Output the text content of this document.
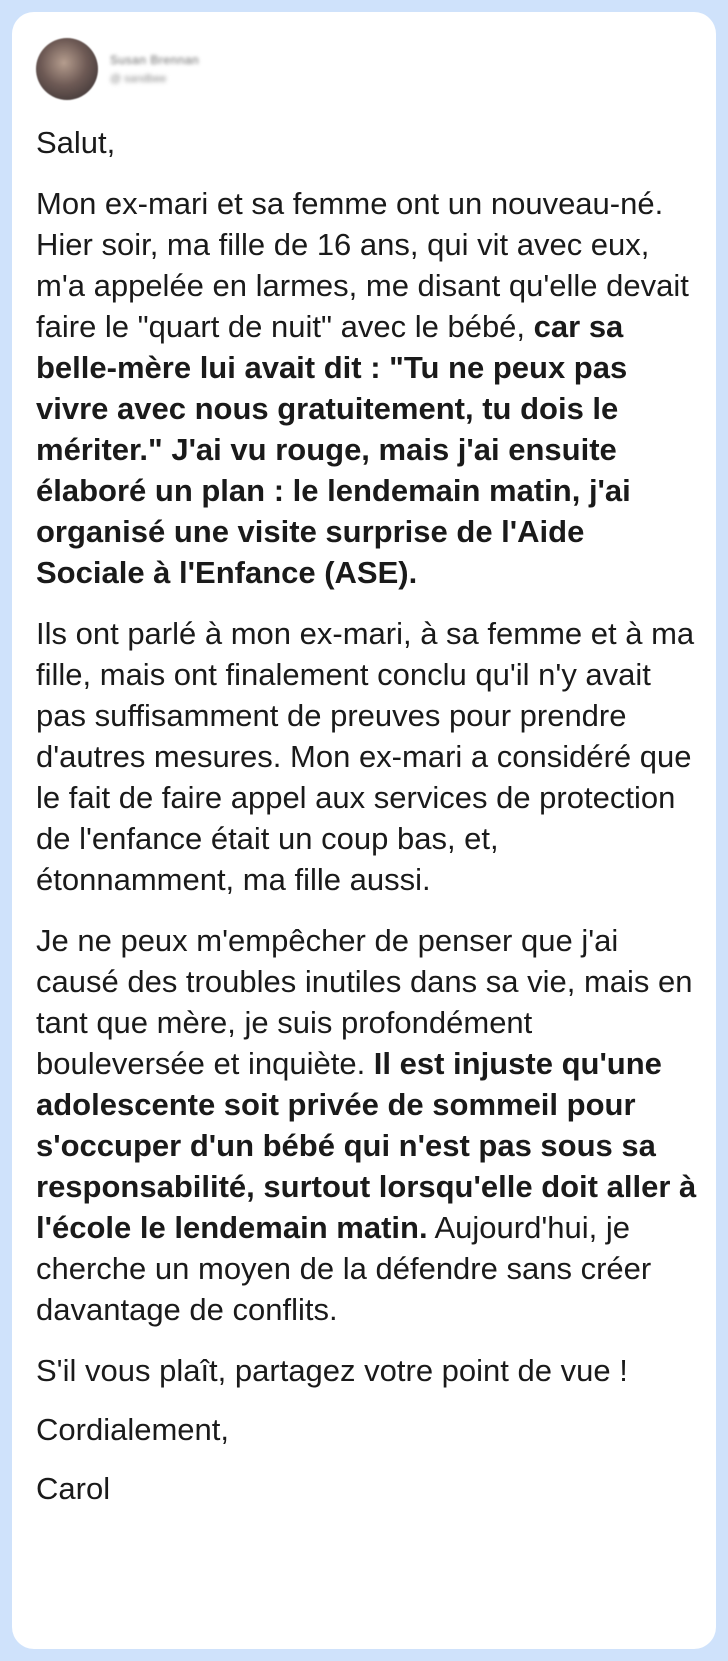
Susan Brennan
@ sandbee

Salut,

Mon ex-mari et sa femme ont un nouveau-né. Hier soir, ma fille de 16 ans, qui vit avec eux, m'a appelée en larmes, me disant qu'elle devait faire le "quart de nuit" avec le bébé, car sa belle-mère lui avait dit : "Tu ne peux pas vivre avec nous gratuitement, tu dois le mériter." J'ai vu rouge, mais j'ai ensuite élaboré un plan : le lendemain matin, j'ai organisé une visite surprise de l'Aide Sociale à l'Enfance (ASE).

Ils ont parlé à mon ex-mari, à sa femme et à ma fille, mais ont finalement conclu qu'il n'y avait pas suffisamment de preuves pour prendre d'autres mesures. Mon ex-mari a considéré que le fait de faire appel aux services de protection de l'enfance était un coup bas, et, étonnamment, ma fille aussi.

Je ne peux m'empêcher de penser que j'ai causé des troubles inutiles dans sa vie, mais en tant que mère, je suis profondément bouleversée et inquiète. Il est injuste qu'une adolescente soit privée de sommeil pour s'occuper d'un bébé qui n'est pas sous sa responsabilité, surtout lorsqu'elle doit aller à l'école le lendemain matin. Aujourd'hui, je cherche un moyen de la défendre sans créer davantage de conflits.

S'il vous plaît, partagez votre point de vue !

Cordialement,

Carol
